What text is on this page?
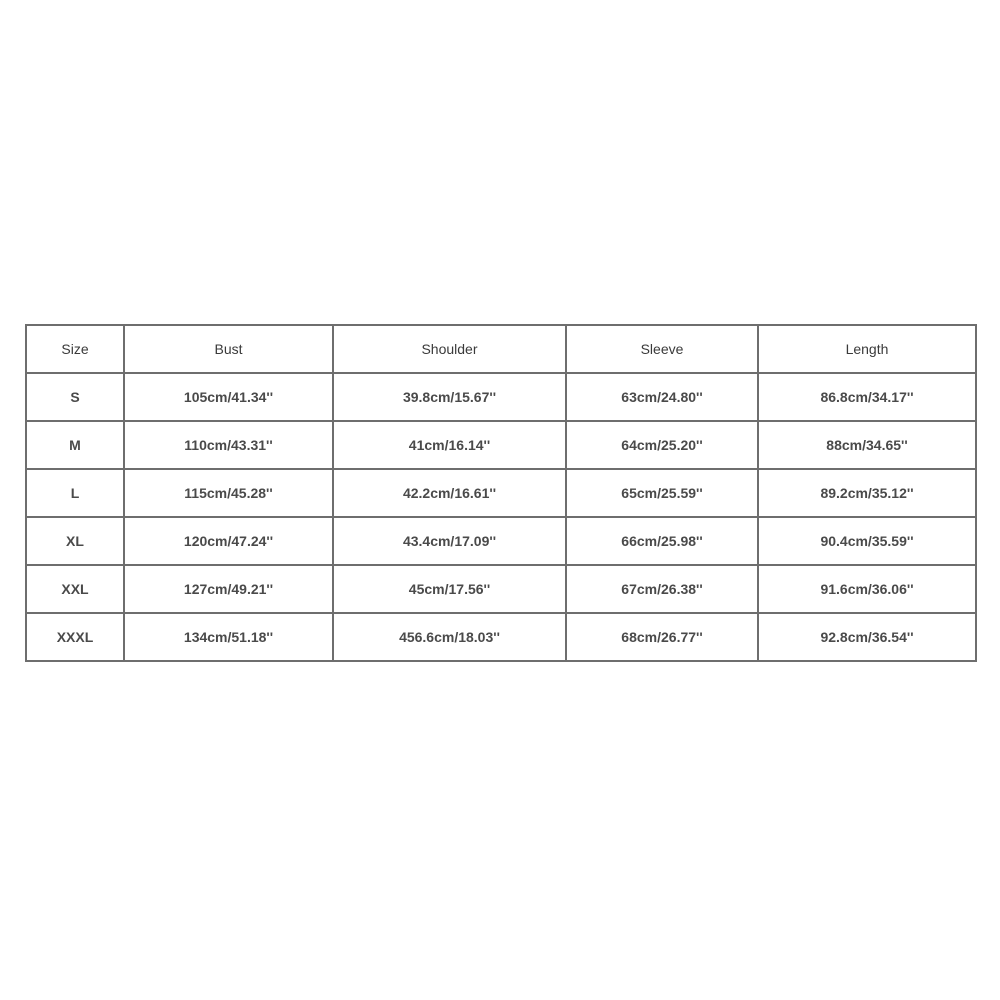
Size	Bust	Shoulder	Sleeve	Length
S	105cm/41.34''	39.8cm/15.67''	63cm/24.80''	86.8cm/34.17''
M	110cm/43.31''	41cm/16.14''	64cm/25.20''	88cm/34.65''
L	115cm/45.28''	42.2cm/16.61''	65cm/25.59''	89.2cm/35.12''
XL	120cm/47.24''	43.4cm/17.09''	66cm/25.98''	90.4cm/35.59''
XXL	127cm/49.21''	45cm/17.56''	67cm/26.38''	91.6cm/36.06''
XXXL	134cm/51.18''	456.6cm/18.03''	68cm/26.77''	92.8cm/36.54''
